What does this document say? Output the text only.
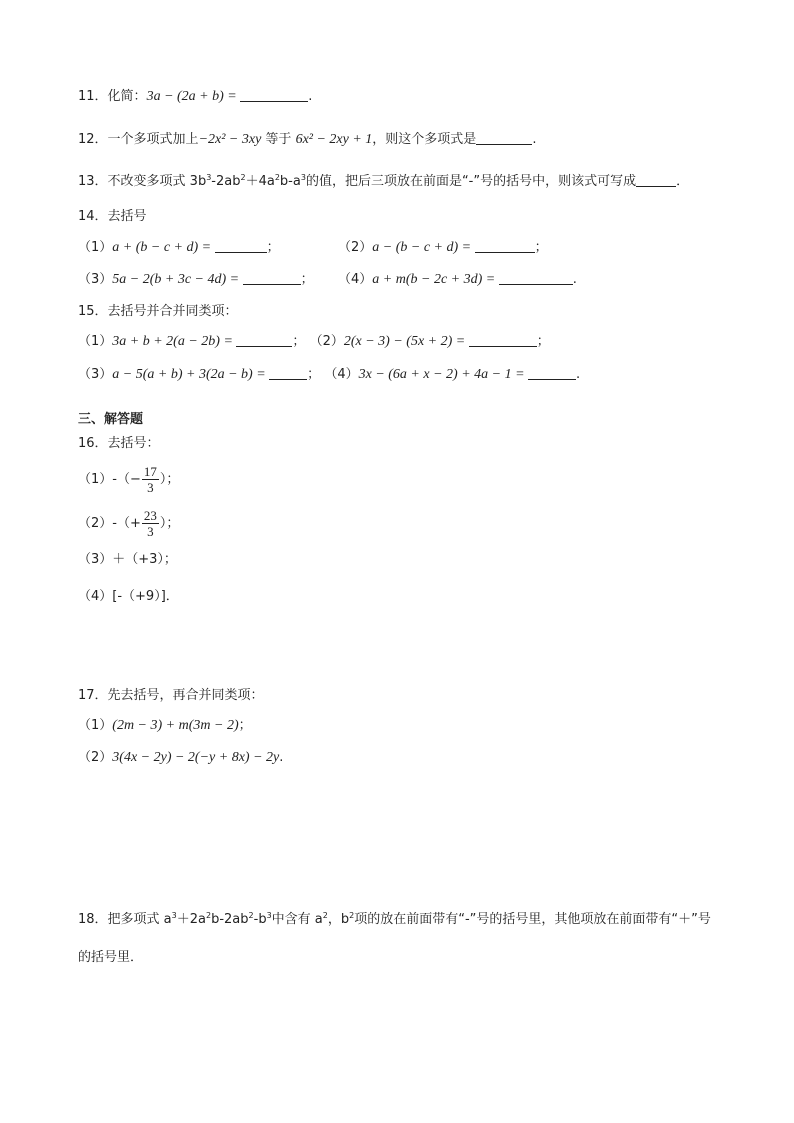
11．化简：3a − (2a + b) =	.
12．一个多项式加上−2x² − 3xy 等于 6x² − 2xy + 1，则这个多项式是	.
13．不改变多项式 $3b^3-2ab^2+4a^2b-a^3$的值，把后三项放在前面是“-”号的括号中，则该式可写成	．
14．去括号
（1）a + (b − c + d) =	；	（2）a − (b − c + d) =	；
（3）5a − 2(b + 3c − 4d) =	； （4）a + m(b − 2c + 3d) =	.
15．去括号并合并同类项：
（1）3a + b + 2(a − 2b) =	； （2）2(x − 3) − (5x + 2) =	；
（3）a − 5(a + b) + 3(2a − b) =	； （4）3x − (6a + x − 2) + 4a − 1 =	.
三、解答题
16．去括号：
$(1)-(- \frac{17}{3}$ ）；
$(2)-(+ \frac{23}{3}$ ）；
（3）＋（+3）；
（4）[-（+9）]．
17．先去括号，再合并同类项：
（1）(2m − 3) + m(3m − 2)；
（2）3(4x − 2y) − 2(−y + 8x) − 2y.
18．把多项式 $a^3+2a^2b-2ab^2-b^3$中含有 $a^2$，$b^2$项的放在前面带有“-”号的括号里，其他项放在前面带有“＋”号
的括号里．
